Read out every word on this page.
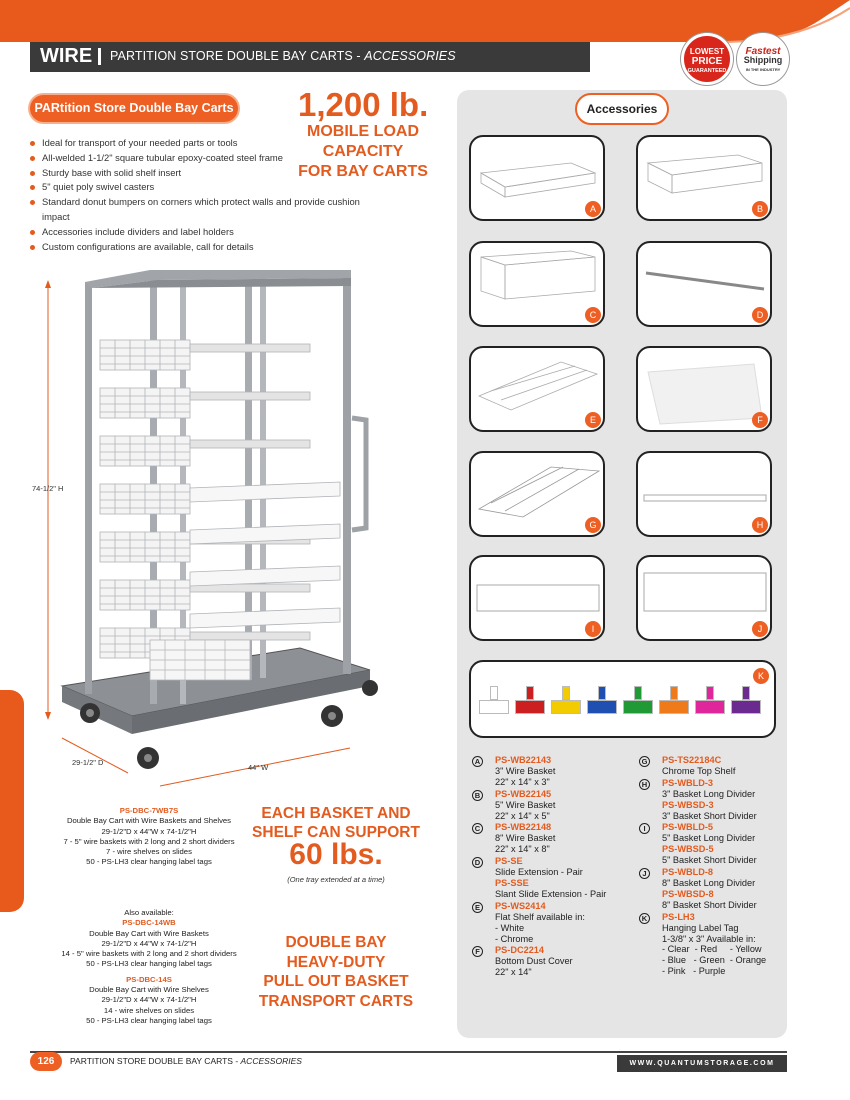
WIRE PARTITION STORE DOUBLE BAY CARTS - ACCESSORIES	LOWEST
PRICE
GUARANTEED
Fastest
Shipping
IN THE INDUSTRY
PARtition Store Double Bay Carts 1,200 lb.
MOBILE LOAD CAPACITY
FOR BAY CARTS
Ideal for transport of your needed parts or tools
All-welded 1-1/2" square tubular epoxy-coated steel frame
Sturdy base with solid shelf insert
5" quiet poly swivel casters
Standard donut bumpers on corners which protect walls and provide cushion impact
Accessories include dividers and label holders
Custom configurations are available, call for details
74-1/2" H
29-1/2" D
44" W
PS-DBC-7WB7S
Double Bay Cart with Wire Baskets and Shelves
29-1/2"D x 44"W x 74-1/2"H
7 - 5" wire baskets with 2 long and 2 short dividers
7 - wire shelves on slides
50 - PS-LH3 clear hanging label tags
Also available:
PS-DBC-14WB
Double Bay Cart with Wire Baskets
29-1/2"D x 44"W x 74-1/2"H
14 - 5" wire baskets with 2 long and 2 short dividers
50 - PS-LH3 clear hanging label tags
PS-DBC-14S
Double Bay Cart with Wire Shelves
29-1/2"D x 44"W x 74-1/2"H
14 - wire shelves on slides
50 - PS-LH3 clear hanging label tags
EACH BASKET AND
SHELF CAN SUPPORT
60 lbs.
(One tray extended at a time)
DOUBLE BAY
HEAVY-DUTY
PULL OUT BASKET
TRANSPORT CARTS
Accessories
A	B
C	D
E	F
G	H
I	J
K
A	PS-WB22143
3" Wire Basket
22" x 14" x 3"
B	PS-WB22145
5" Wire Basket
22" x 14" x 5"
C	PS-WB22148
8" Wire Basket
22" x 14" x 8"
D	PS-SE
Slide Extension - Pair
PS-SSE
Slant Slide Extension - Pair
E	PS-WS2414
Flat Shelf available in:
- White
- Chrome
F	PS-DC2214
Bottom Dust Cover
22" x 14"
G PS-TS22184C
Chrome Top Shelf
H	PS-WBLD-3
3" Basket Long Divider
PS-WBSD-3
3" Basket Short Divider
I	PS-WBLD-5
5" Basket Long Divider
PS-WBSD-5
5" Basket Short Divider
J	PS-WBLD-8
8" Basket Long Divider
PS-WBSD-8
8" Basket Short Divider
K	PS-LH3
Hanging Label Tag
1-3/8" x 3" Available in:
- Clear  - Red     - Yellow
- Blue   - Green  - Orange
- Pink   - Purple
126	PARTITION STORE DOUBLE BAY CARTS - ACCESSORIES	WWW.QUANTUMSTORAGE.COM
